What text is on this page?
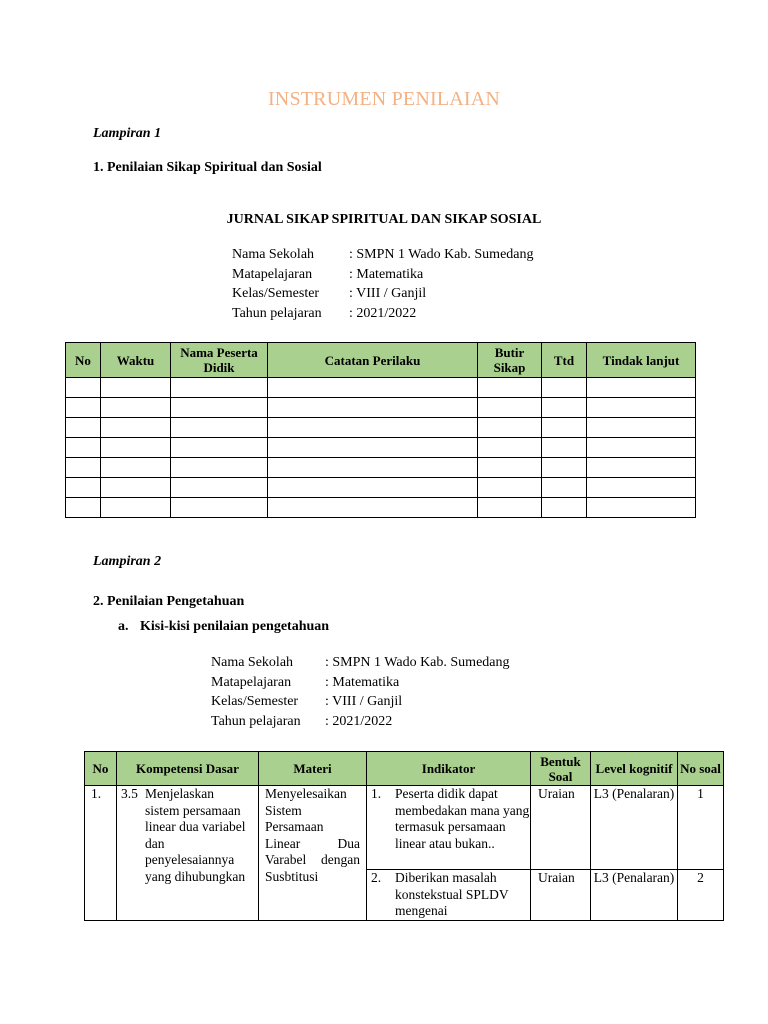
INSTRUMEN PENILAIAN
Lampiran 1
1. Penilaian Sikap Spiritual dan Sosial
JURNAL SIKAP SPIRITUAL DAN SIKAP SOSIAL
Nama Sekolah	: SMPN 1 Wado Kab. Sumedang
Matapelajaran	: Matematika
Kelas/Semester	: VIII / Ganjil
Tahun pelajaran	: 2021/2022
No	Waktu	Nama Peserta Didik	Catatan Perilaku	Butir Sikap	Ttd	Tindak lanjut

Lampiran 2
2. Penilaian Pengetahuan
a. Kisi-kisi penilaian pengetahuan
Nama Sekolah	: SMPN 1 Wado Kab. Sumedang
Matapelajaran	: Matematika
Kelas/Semester	: VIII / Ganjil
Tahun pelajaran	: 2021/2022
No	Kompetensi Dasar	Materi	Indikator	Bentuk Soal	Level kognitif	No soal
1.	3.5 Menjelaskan sistem persamaan linear dua variabel dan penyelesaiannya yang dihubungkan	Menyelesaikan Sistem Persamaan Linear Dua Varabel dengan Susbtitusi	1. Peserta didik dapat membedakan mana yang termasuk persamaan linear atau bukan..	Uraian	L3 (Penalaran)	1

			2. Diberikan masalah konstekstual SPLDV mengenai	Uraian	L3 (Penalaran)	2
